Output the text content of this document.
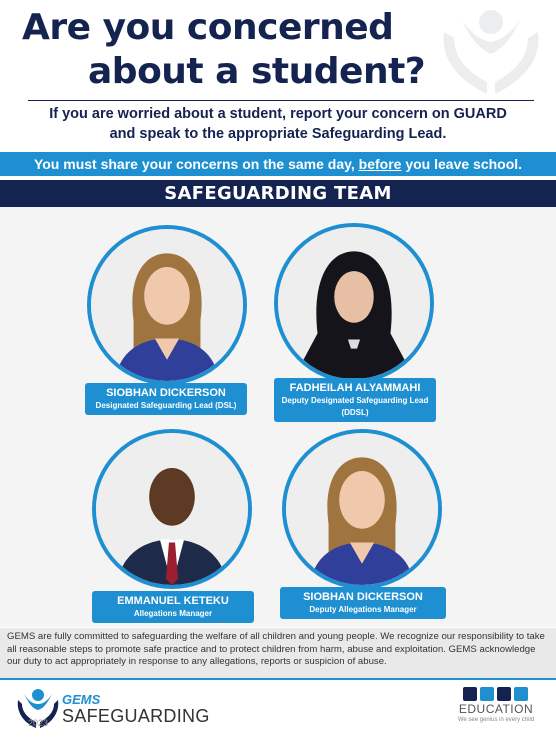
Are you concerned
about a student?
If you are worried about a student, report your concern on GUARD
and speak to the appropriate Safeguarding Lead.
You must share your concerns on the same day, before you leave school.
SAFEGUARDING TEAM
SIOBHAN DICKERSON
Designated Safeguarding Lead (DSL)
FADHEILAH ALYAMMAHI
Deputy Designated Safeguarding Lead (DDSL)
EMMANUEL KETEKU
Allegations Manager
SIOBHAN DICKERSON
Deputy Allegations Manager

GEMS are fully committed to safeguarding the welfare of all children and young people. We recognize our responsibility to take all reasonable steps to promote safe practice and to protect children from harm, abuse and exploitation. GEMS acknowledge our duty to act appropriately in response to any allegations, reports or suspicion of abuse.

GEMS
SAFEGUARDING
2023
EDUCATION
We see genius in every child
